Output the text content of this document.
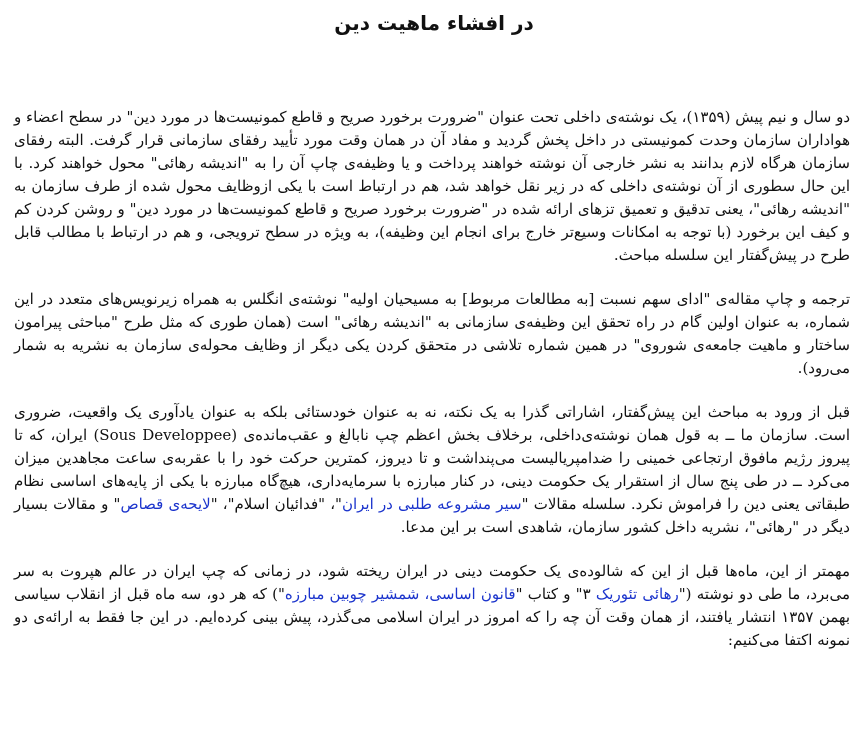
در افشاء ماهیت دین

دو سال و نیم پیش (۱۳۵۹)، یک نوشته‌ی داخلی تحت عنوان "ضرورت برخورد صریح و قاطع کمونیست‌ها در مورد دین" در سطح اعضاء و هواداران سازمان وحدت کمونیستی در داخل پخش گردید و مفاد آن در همان وقت مورد تأیید رفقای سازمانی قرار گرفت. البته رفقای سازمان هرگاه لازم بدانند به نشر خارجی آن نوشته خواهند پرداخت و یا وظیفه‌ی چاپ آن را به "اندیشه رهائی" محول خواهند کرد. با این حال سطوری از آن نوشته‌ی داخلی که در زیر نقل خواهد شد، هم در ارتباط است با یکی ازوظایف محول شده از طرف سازمان به "اندیشه رهائی"، یعنی تدقیق و تعمیق تزهای ارائه شده در "ضرورت برخورد صریح و قاطع کمونیست‌ها در مورد دین" و روشن کردن کم و کیف این برخورد (با توجه به امکانات وسیع‌تر خارج برای انجام این وظیفه)، به ویژه در سطح ترویجی، و هم در ارتباط با مطالب قابل طرح در پیش‌گفتار این سلسله مباحث.

ترجمه و چاپ مقاله‌ی "ادای سهم نسبت [به مطالعات مربوط] به مسیحیان اولیه" نوشته‌ی انگلس به همراه زیرنویس‌های متعدد در این شماره، به عنوان اولین گام در راه تحقق این وظیفه‌ی سازمانی به "اندیشه رهائی" است (همان طوری که مثل طرح "مباحثی پیرامون ساختار و ماهیت جامعه‌ی شوروی" در همین شماره تلاشی در متحقق کردن یکی دیگر از وظایف محوله‌ی سازمان به نشریه به شمار می‌رود).

قبل از ورود به مباحث این پیش‌گفتار، اشاراتی گذرا به یک نکته، نه به عنوان خودستائی بلکه به عنوان یادآوری یک واقعیت، ضروری است. سازمان ما ــ به قول همان نوشته‌ی‌داخلی، برخلاف بخش اعظم چپ نابالغ و عقب‌مانده‌ی (Sous Developpee) ایران، که تا پیروز رژیم مافوق ارتجاعی خمینی را ضدامپریالیست می‌پنداشت و تا دیروز، کمترین حرکت خود را با عقربه‌ی ساعت مجاهدین میزان می‌کرد ــ در طی پنج سال از استقرار یک حکومت دینی، در کنار مبارزه با سرمایه‌داری، هیچ‌گاه مبارزه با یکی از پایه‌های اساسی نظام طبقاتی یعنی دین را فراموش نکرد. سلسله مقالات "سیر مشروعه طلبی در ایران"، "فدائیان اسلام"، "لایحه‌ی قصاص" و مقالات بسیار دیگر در "رهائی"، نشریه داخل کشور سازمان، شاهدی است بر این مدعا.

مهمتر از این، ماه‌ها قبل از این که شالوده‌ی یک حکومت دینی در ایران ریخته شود، در زمانی که چپ ایران در عالم هپروت به سر می‌برد، ما طی دو نوشته ("رهائی تئوریک ۳" و کتاب "قانون اساسی، شمشیر چوبین مبارزه") که هر دو، سه ماه قبل از انقلاب سیاسی بهمن ۱۳۵۷ انتشار یافتند، از همان وقت آن چه را که امروز در ایران اسلامی می‌گذرد، پیش بینی کرده‌ایم. در این جا فقط به ارائه‌ی دو نمونه اکتفا می‌کنیم:
